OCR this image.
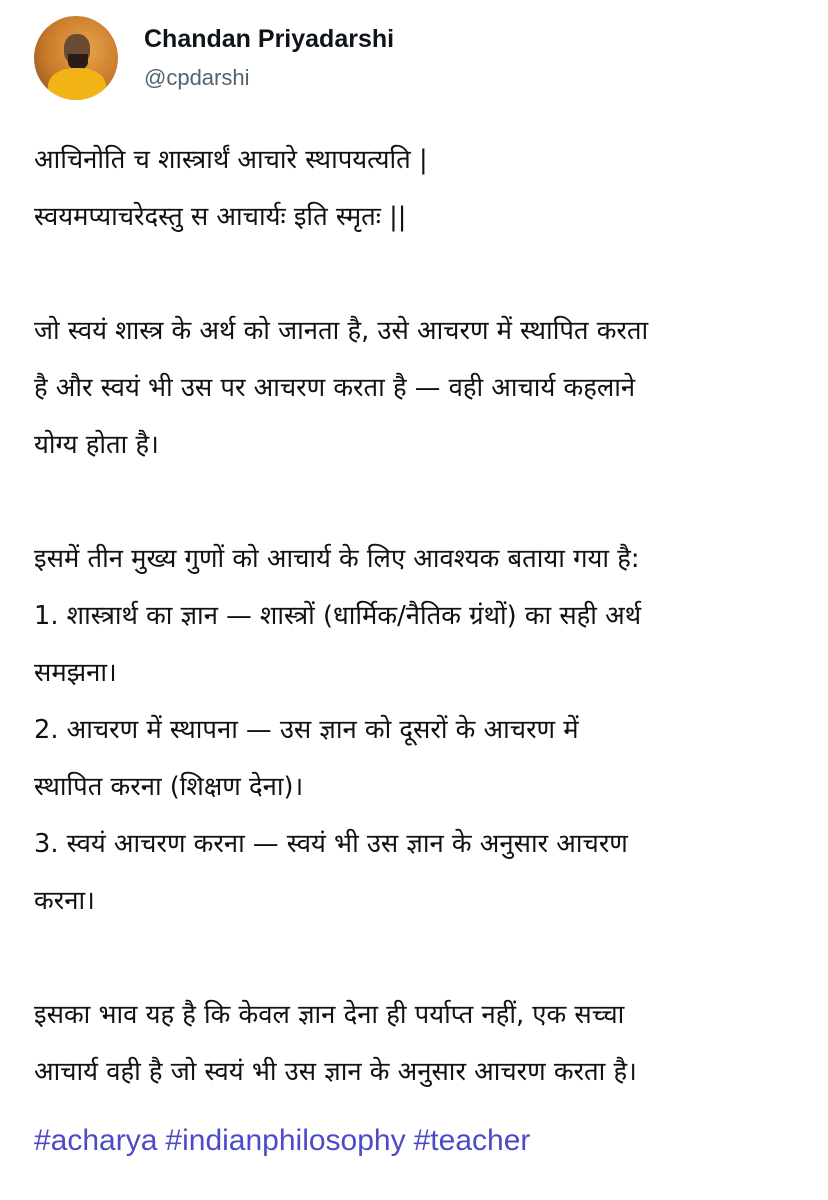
Chandan Priyadarshi
@cpdarshi

आचिनोति च शास्त्रार्थं आचारे स्थापयत्यति |

स्वयमप्याचरेदस्तु स आचार्यः इति स्मृतः ||

जो स्वयं शास्त्र के अर्थ को जानता है, उसे आचरण में स्थापित करता

है और स्वयं भी उस पर आचरण करता है — वही आचार्य कहलाने

योग्य होता है।

इसमें तीन मुख्य गुणों को आचार्य के लिए आवश्यक बताया गया है:

1. शास्त्रार्थ का ज्ञान — शास्त्रों (धार्मिक/नैतिक ग्रंथों) का सही अर्थ

समझना।

2. आचरण में स्थापना — उस ज्ञान को दूसरों के आचरण में

स्थापित करना (शिक्षण देना)।

3. स्वयं आचरण करना — स्वयं भी उस ज्ञान के अनुसार आचरण

करना।

इसका भाव यह है कि केवल ज्ञान देना ही पर्याप्त नहीं, एक सच्चा

आचार्य वही है जो स्वयं भी उस ज्ञान के अनुसार आचरण करता है।

#acharya #indianphilosophy #teacher
